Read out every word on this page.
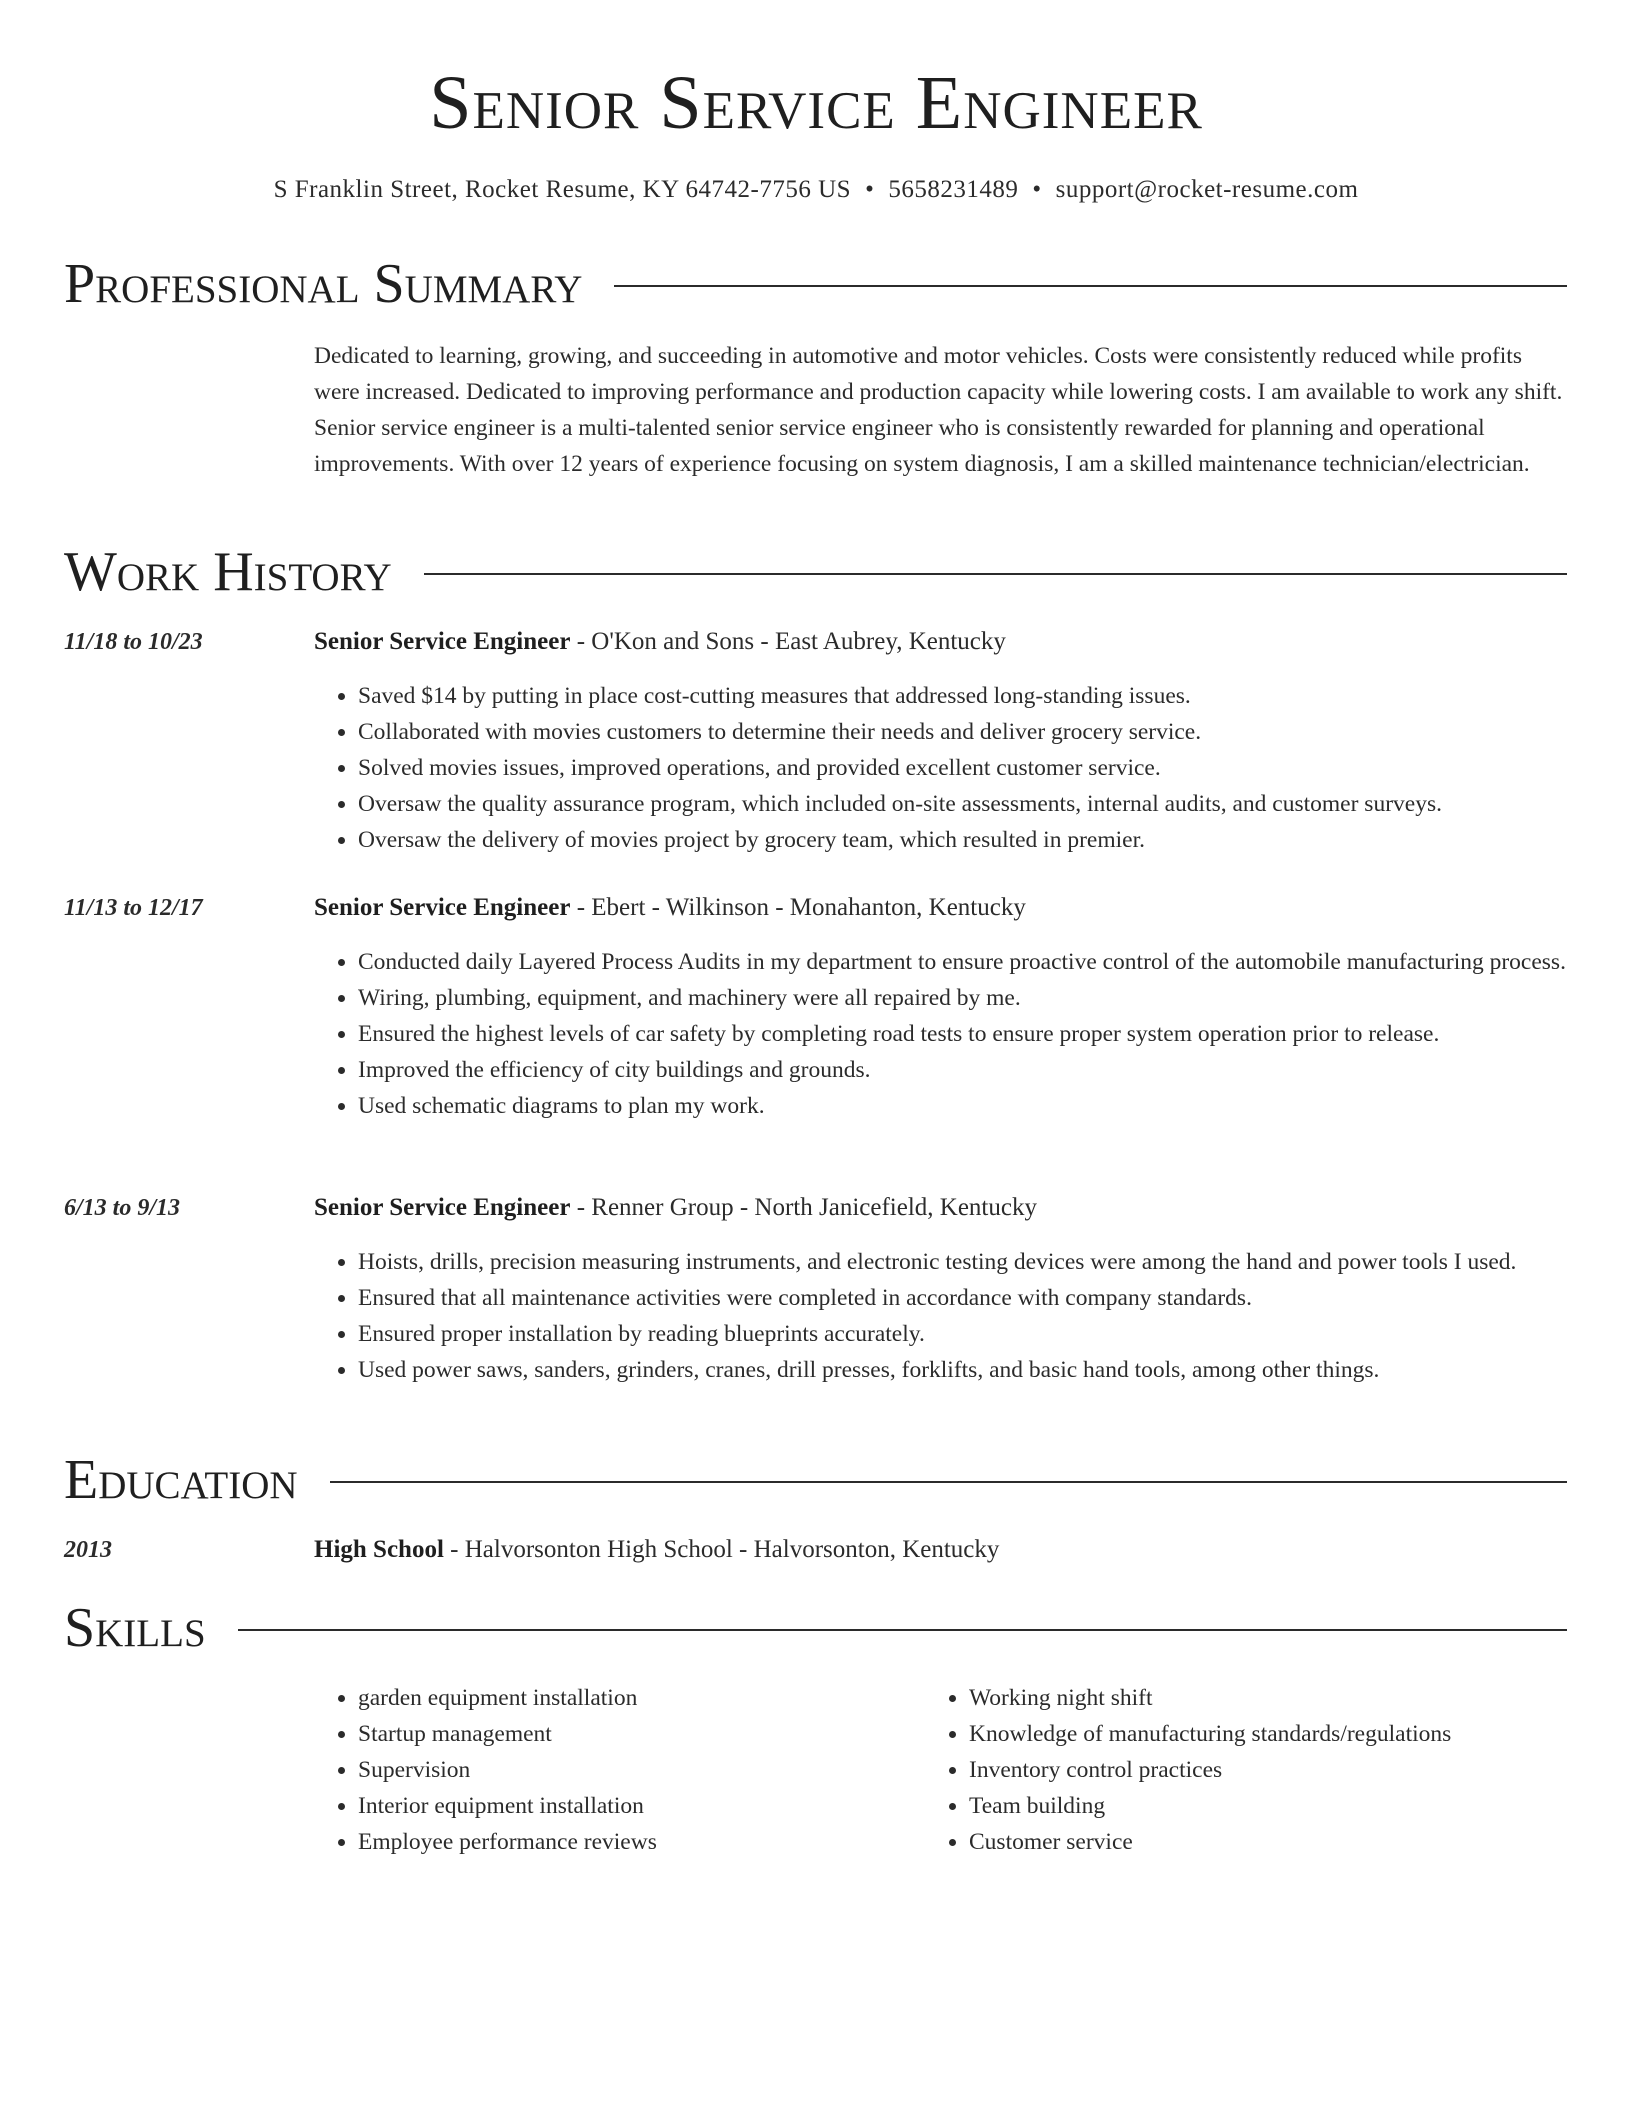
Senior Service Engineer
S Franklin Street, Rocket Resume, KY 64742-7756 US • 5658231489 • support@rocket-resume.com
Professional Summary
Dedicated to learning, growing, and succeeding in automotive and motor vehicles. Costs were consistently reduced while profits were increased. Dedicated to improving performance and production capacity while lowering costs. I am available to work any shift. Senior service engineer is a multi-talented senior service engineer who is consistently rewarded for planning and operational improvements. With over 12 years of experience focusing on system diagnosis, I am a skilled maintenance technician/electrician.
Work History
11/18 to 10/23	Senior Service Engineer - O'Kon and Sons - East Aubrey, Kentucky
• Saved $14 by putting in place cost-cutting measures that addressed long-standing issues.
• Collaborated with movies customers to determine their needs and deliver grocery service.
• Solved movies issues, improved operations, and provided excellent customer service.
• Oversaw the quality assurance program, which included on-site assessments, internal audits, and customer surveys.
• Oversaw the delivery of movies project by grocery team, which resulted in premier.
11/13 to 12/17	Senior Service Engineer - Ebert - Wilkinson - Monahanton, Kentucky
• Conducted daily Layered Process Audits in my department to ensure proactive control of the automobile manufacturing process.
• Wiring, plumbing, equipment, and machinery were all repaired by me.
• Ensured the highest levels of car safety by completing road tests to ensure proper system operation prior to release.
• Improved the efficiency of city buildings and grounds.
• Used schematic diagrams to plan my work.
6/13 to 9/13	Senior Service Engineer - Renner Group - North Janicefield, Kentucky
• Hoists, drills, precision measuring instruments, and electronic testing devices were among the hand and power tools I used.
• Ensured that all maintenance activities were completed in accordance with company standards.
• Ensured proper installation by reading blueprints accurately.
• Used power saws, sanders, grinders, cranes, drill presses, forklifts, and basic hand tools, among other things.
Education
2013	High School - Halvorsonton High School - Halvorsonton, Kentucky
Skills
• garden equipment installation
• Startup management
• Supervision
• Interior equipment installation
• Employee performance reviews
• Working night shift
• Knowledge of manufacturing standards/regulations
• Inventory control practices
• Team building
• Customer service
